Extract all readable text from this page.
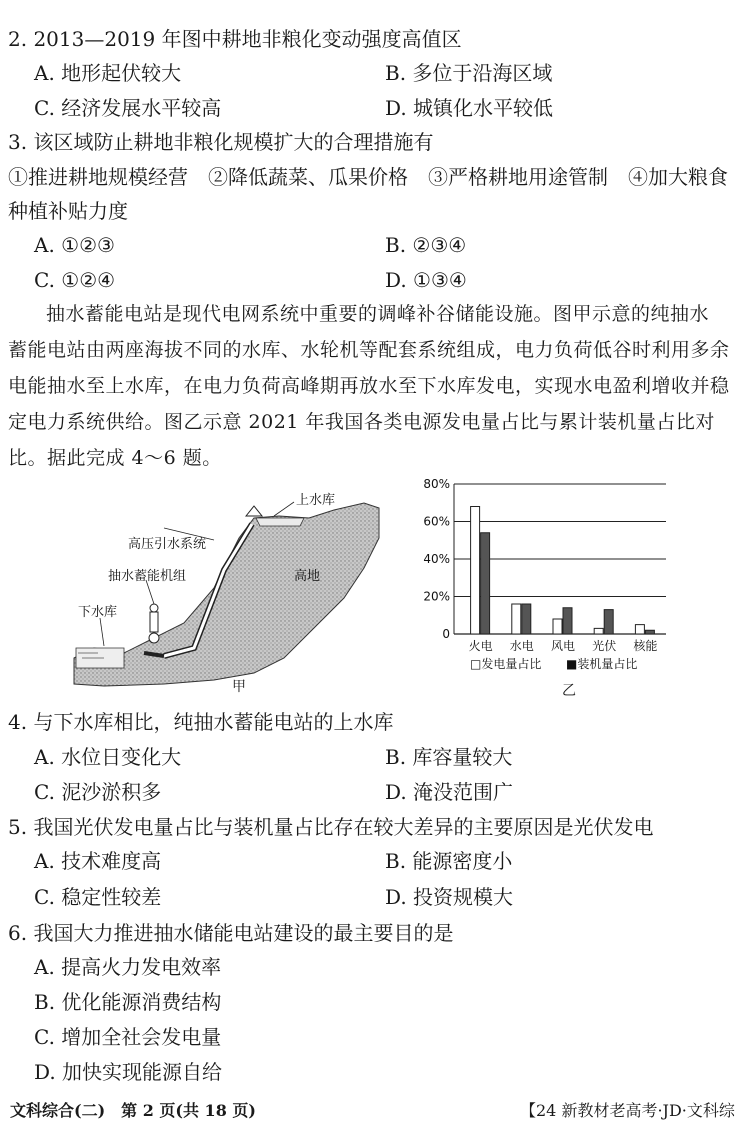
2. 2013—2019 年图中耕地非粮化变动强度高值区
A. 地形起伏较大	B. 多位于沿海区域
C. 经济发展水平较高	D. 城镇化水平较低
3. 该区域防止耕地非粮化规模扩大的合理措施有
①推进耕地规模经营　②降低蔬菜、瓜果价格　③严格耕地用途管制　④加大粮食
种植补贴力度
A. ①②③	B. ②③④
C. ①②④	D. ①③④
抽水蓄能电站是现代电网系统中重要的调峰补谷储能设施。图甲示意的纯抽水
蓄能电站由两座海拔不同的水库、水轮机等配套系统组成，电力负荷低谷时利用多余
电能抽水至上水库，在电力负荷高峰期再放水至下水库发电，实现水电盈利增收并稳
定电力系统供给。图乙示意 2021 年我国各类电源发电量占比与累计装机量占比对
比。据此完成 4～6 题。
上水库
高压引水系统
抽水蓄能机组
下水库
高地
甲
0
20%
40%
60%
80%
火电 水电 风电 光伏 核能
□发电量占比 ■装机量占比
乙
4. 与下水库相比，纯抽水蓄能电站的上水库
A. 水位日变化大	B. 库容量较大
C. 泥沙淤积多	D. 淹没范围广
5. 我国光伏发电量占比与装机量占比存在较大差异的主要原因是光伏发电
A. 技术难度高	B. 能源密度小
C. 稳定性较差	D. 投资规模大
6. 我国大力推进抽水储能电站建设的最主要目的是
A. 提高火力发电效率
B. 优化能源消费结构
C. 增加全社会发电量
D. 加快实现能源自给
文科综合(二)　第 2 页(共 18 页)	【24 新教材老高考·JD·文科综
